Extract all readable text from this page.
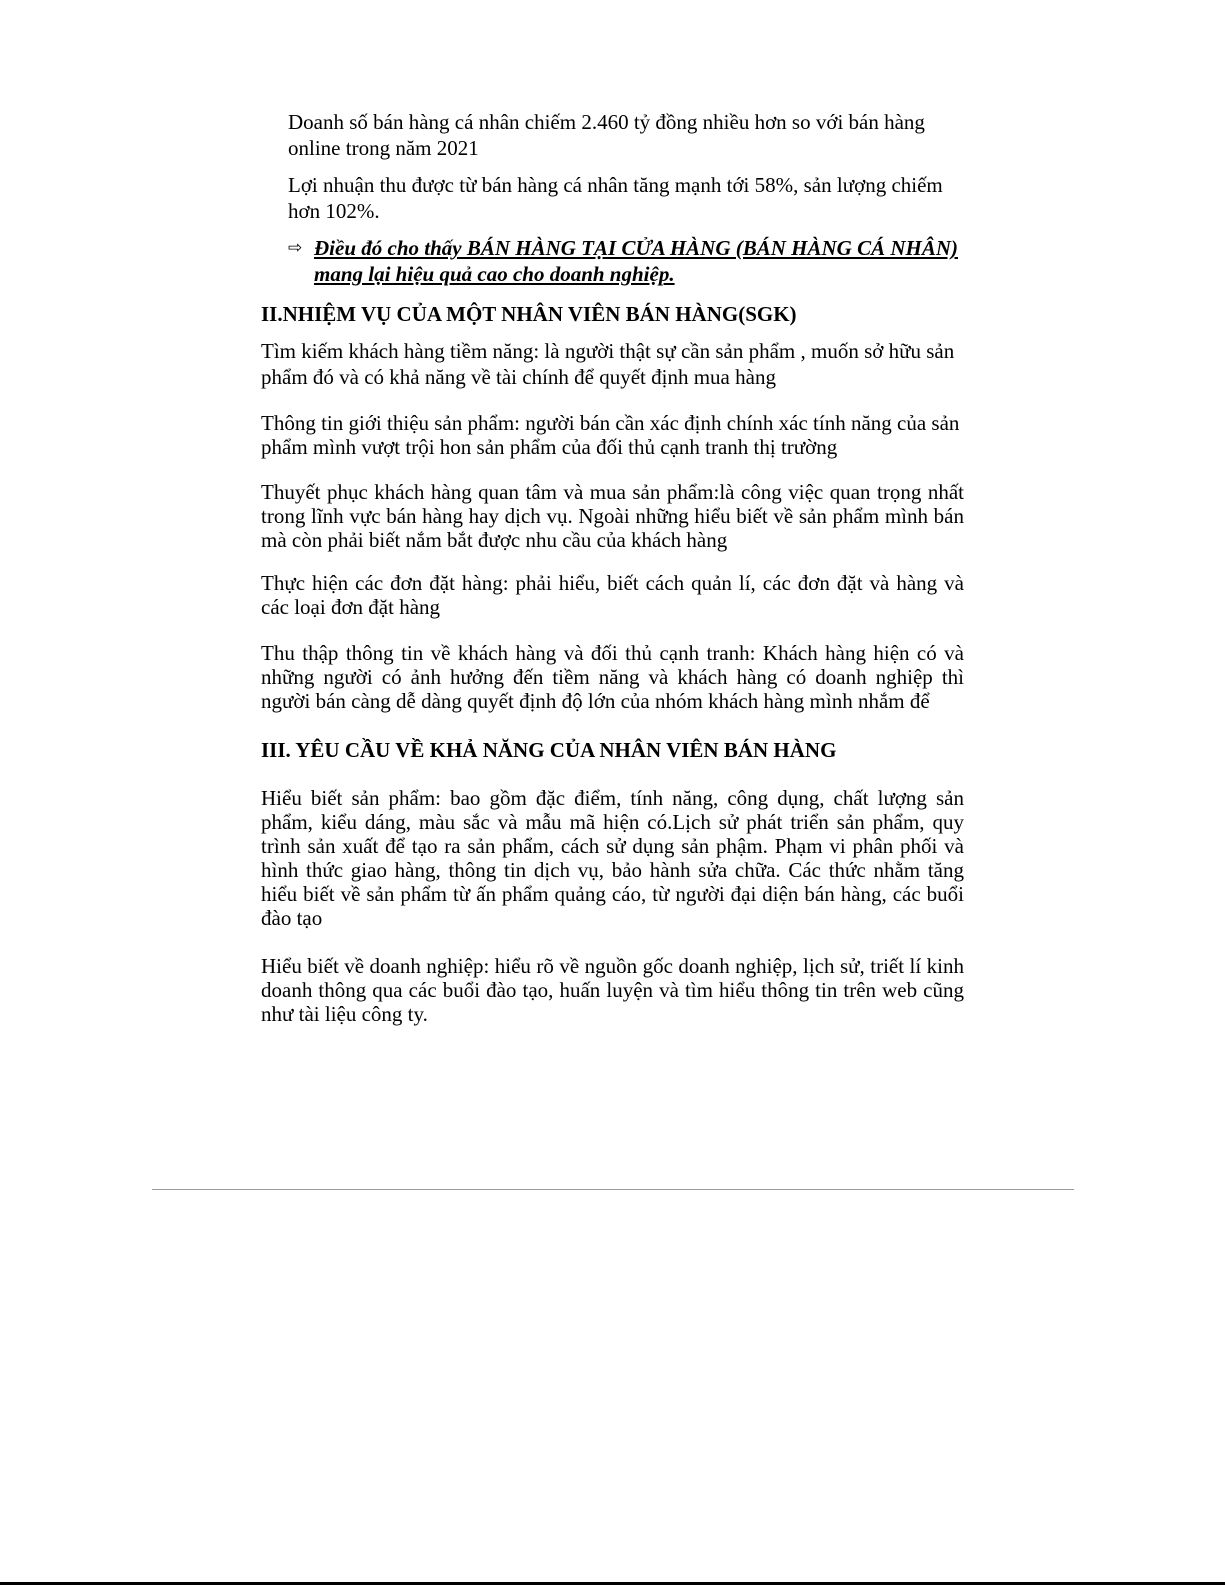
Doanh số bán hàng cá nhân chiếm 2.460 tỷ đồng nhiều hơn so với bán hàng online trong năm 2021

Lợi nhuận thu được từ bán hàng cá nhân tăng mạnh tới 58%, sản lượng chiếm hơn 102%.

⇨ Điều đó cho thấy BÁN HÀNG TẠI CỬA HÀNG (BÁN HÀNG CÁ NHÂN) mang lại hiệu quả cao cho doanh nghiệp.
II.NHIỆM VỤ CỦA MỘT NHÂN VIÊN BÁN HÀNG(SGK)

Tìm kiếm khách hàng tiềm năng: là người thật sự cần sản phẩm , muốn sở hữu sản phẩm đó và có khả năng về tài chính để quyết định mua hàng

Thông tin giới thiệu sản phẩm: người bán cần xác định chính xác tính năng của sản phẩm mình vượt trội hon sản phẩm của đối thủ cạnh tranh thị trường

Thuyết phục khách hàng quan tâm và mua sản phẩm:là công việc quan trọng nhất trong lĩnh vực bán hàng hay dịch vụ. Ngoài những hiểu biết về sản phẩm mình bán mà còn phải biết nắm bắt được nhu cầu của khách hàng

Thực hiện các đơn đặt hàng: phải hiểu, biết cách quản lí, các đơn đặt và hàng và các loại đơn đặt hàng

Thu thập thông tin về khách hàng và đối thủ cạnh tranh: Khách hàng hiện có và những người có ảnh hưởng đến tiềm năng và khách hàng có doanh nghiệp thì người bán càng dễ dàng quyết định độ lớn của nhóm khách hàng mình nhắm để

III. YÊU CẦU VỀ KHẢ NĂNG CỦA NHÂN VIÊN BÁN HÀNG

Hiểu biết sản phẩm: bao gồm đặc điểm, tính năng, công dụng, chất lượng sản phẩm, kiểu dáng, màu sắc và mẫu mã hiện có.Lịch sử phát triển sản phẩm, quy trình sản xuất để tạo ra sản phẩm, cách sử dụng sản phậm. Phạm vi phân phối và hình thức giao hàng, thông tin dịch vụ, bảo hành sửa chữa. Các thức nhằm tăng hiểu biết về sản phẩm từ ấn phẩm quảng cáo, từ người đại diện bán hàng, các buổi đào tạo

Hiểu biết về doanh nghiệp: hiểu rõ về nguồn gốc doanh nghiệp, lịch sử, triết lí kinh doanh thông qua các buổi đào tạo, huấn luyện và tìm hiểu thông tin trên web cũng như tài liệu công ty.
